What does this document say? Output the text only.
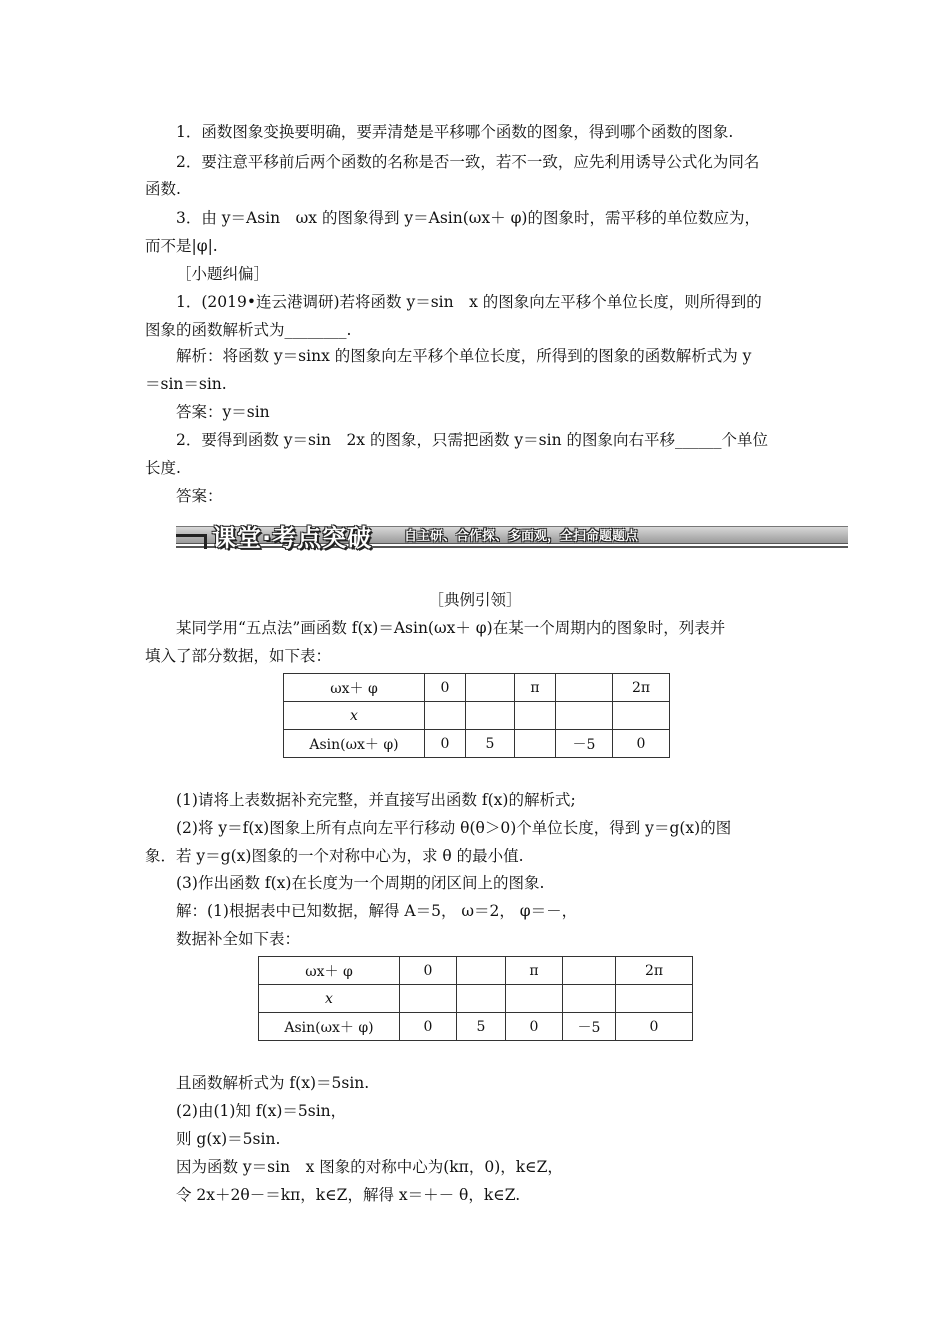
1．函数图象变换要明确，要弄清楚是平移哪个函数的图象，得到哪个函数的图象.
2．要注意平移前后两个函数的名称是否一致，若不一致，应先利用诱导公式化为同名
函数.
3．由 y＝Asin　ωx 的图象得到 y＝Asin(ωx＋ φ)的图象时，需平移的单位数应为，
而不是|φ|.
［小题纠偏］
1．(2019•连云港调研)若将函数 y＝sin　x 的图象向左平移个单位长度，则所得到的
图象的函数解析式为________.
解析：将函数 y＝sinx 的图象向左平移个单位长度，所得到的图象的函数解析式为 y
＝sin＝sin.
答案：y＝sin
2．要得到函数 y＝sin　2x 的图象，只需把函数 y＝sin 的图象向右平移______个单位
长度.
答案：
课堂·考点突破 自主研、合作探、多面观，全扫命题题点
［典例引领］
某同学用“五点法”画函数 f(x)＝Asin(ωx＋ φ)在某一个周期内的图象时，列表并
填入了部分数据，如下表：
ωx＋ φ	0		π		2π
x					
Asin(ωx＋ φ)	0	5		－5	0
(1)请将上表数据补充完整，并直接写出函数 f(x)的解析式;
(2)将 y＝f(x)图象上所有点向左平行移动 θ(θ＞0)个单位长度，得到 y＝g(x)的图
象．若 y＝g(x)图象的一个对称中心为，求 θ 的最小值.
(3)作出函数 f(x)在长度为一个周期的闭区间上的图象.
解：(1)根据表中已知数据，解得 A＝5， ω＝2， φ＝－，
数据补全如下表：
ωx＋ φ	0		π		2π
x					
Asin(ωx＋ φ)	0	5	0	－5	0
且函数解析式为 f(x)＝5sin.
(2)由(1)知 f(x)＝5sin，
则 g(x)＝5sin.
因为函数 y＝sin　x 图象的对称中心为(kπ，0)，k∈Z，
令 2x＋2θ－＝kπ，k∈Z，解得 x＝＋－ θ，k∈Z.
